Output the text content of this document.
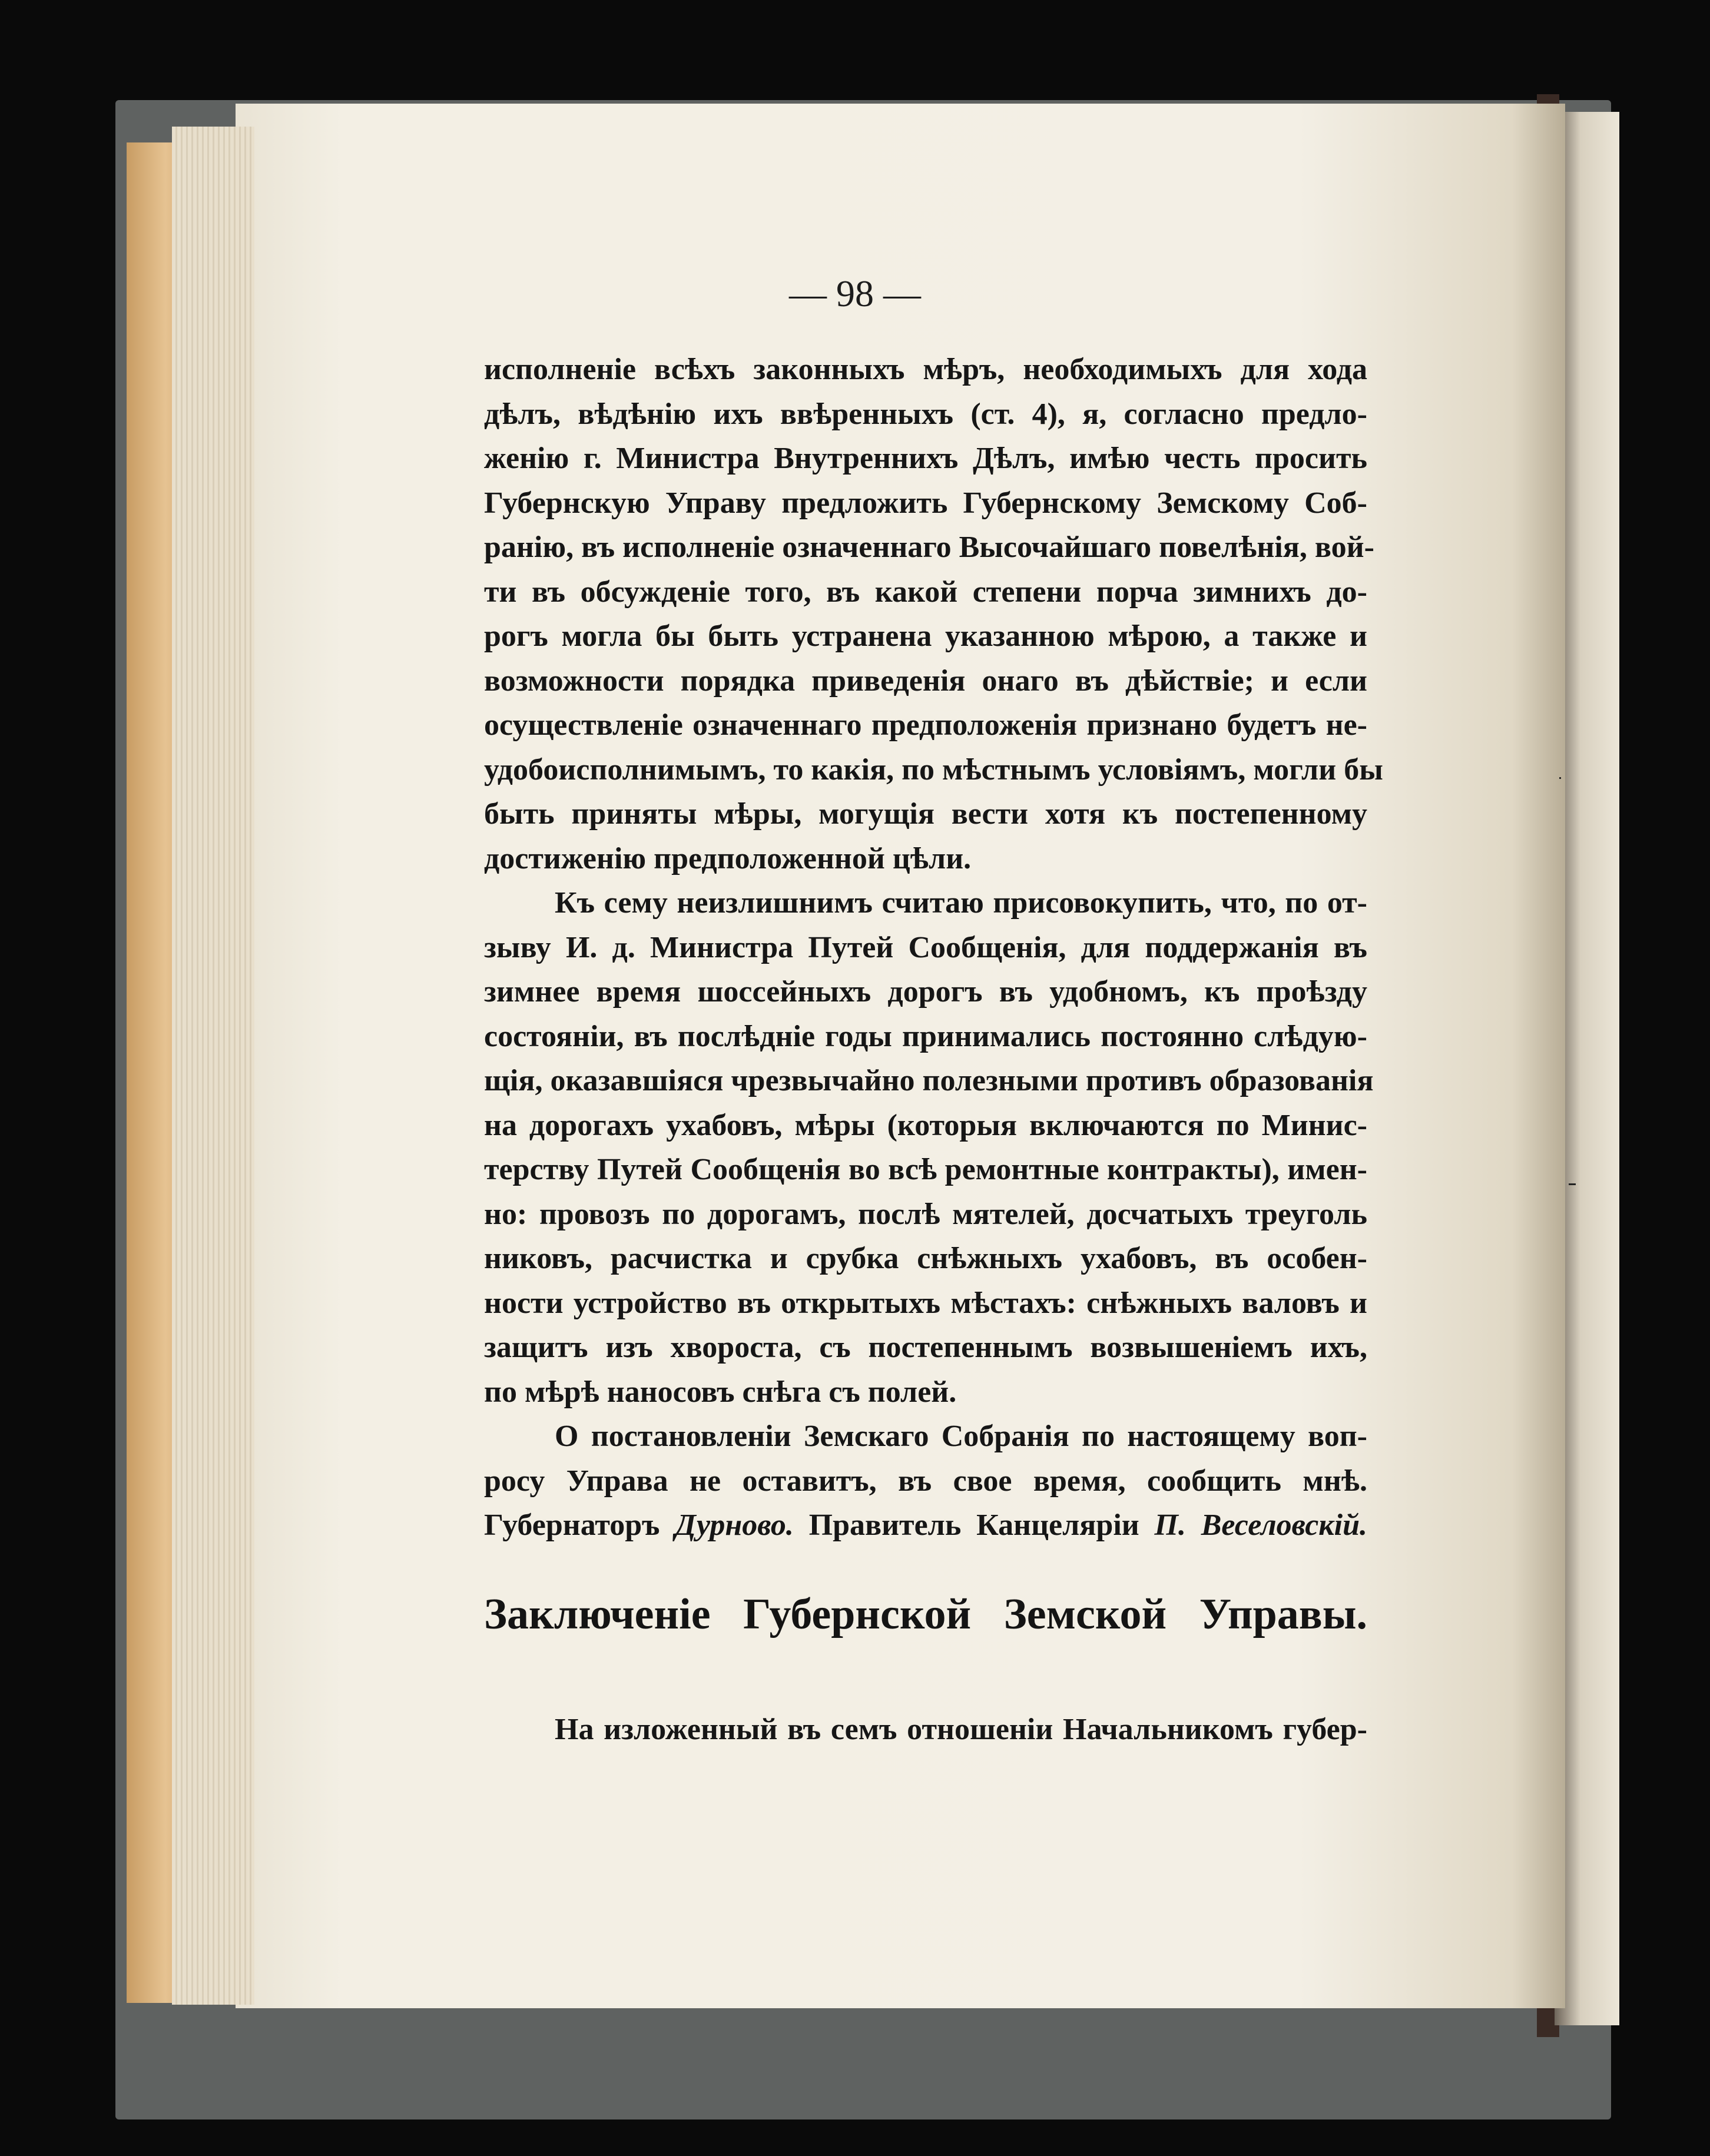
— 98 —
исполненіе всѣхъ законныхъ мѣръ, необходимыхъ для хода
дѣлъ, вѣдѣнію ихъ ввѣренныхъ (ст. 4), я, согласно предло-
женію г. Министра Внутреннихъ Дѣлъ, имѣю честь просить
Губернскую Управу предложить Губернскому Земскому Соб-
ранію, въ исполненіе означеннаго Высочайшаго повелѣнія, вой-
ти въ обсужденіе того, въ какой степени порча зимнихъ до-
рогъ могла бы быть устранена указанною мѣрою, а также и
возможности порядка приведенія онаго въ дѣйствіе; и если
осуществленіе означеннаго предположенія признано будетъ не-
удобоисполнимымъ, то какія, по мѣстнымъ условіямъ, могли бы
быть приняты мѣры, могущія вести хотя къ постепенному
достиженію предположенной цѣли.
Къ сему неизлишнимъ считаю присовокупить, что, по от-
зыву И. д. Министра Путей Сообщенія, для поддержанія въ
зимнее время шоссейныхъ дорогъ въ удобномъ, къ проѣзду
состояніи, въ послѣдніе годы принимались постоянно слѣдую-
щія, оказавшіяся чрезвычайно полезными противъ образованія
на дорогахъ ухабовъ, мѣры (которыя включаются по Минис-
терству Путей Сообщенія во всѣ ремонтные контракты), имен-
но: провозъ по дорогамъ, послѣ мятелей, досчатыхъ треуголь
никовъ, расчистка и срубка снѣжныхъ ухабовъ, въ особен-
ности устройство въ открытыхъ мѣстахъ: снѣжныхъ валовъ и
защитъ изъ хвороста, съ постепеннымъ возвышеніемъ ихъ,
по мѣрѣ наносовъ снѣга съ полей.
О постановленіи Земскаго Собранія по настоящему воп-
росу Управа не оставитъ, въ свое время, сообщить мнѣ.
Губернаторъ Дурново. Правитель Канцеляріи П. Веселовскій.
Заключеніе Губернской Земской Управы.
На изложенный въ семъ отношеніи Начальникомъ губер-
